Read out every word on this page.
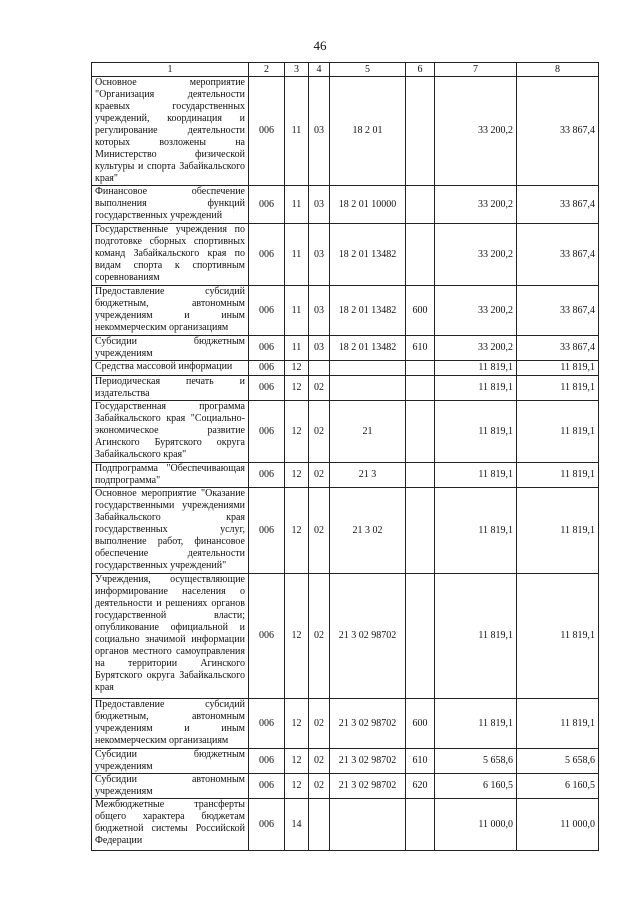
46
1	2	3	4	5	6	7	8
Основное мероприятие "Организация деятельности краевых государственных учреждений, координация и регулирование деятельности которых возложены на Министерство физической культуры и спорта Забайкальского края"	006	11	03	18 2 01		33 200,2	33 867,4
Финансовое обеспечение выполнения функций государственных учреждений	006	11	03	18 2 01 10000		33 200,2	33 867,4
Государственные учреждения по подготовке сборных спортивных команд Забайкальского края по видам спорта к спортивным соревнованиям	006	11	03	18 2 01 13482		33 200,2	33 867,4
Предоставление субсидий бюджетным, автономным учреждениям и иным некоммерческим организациям	006	11	03	18 2 01 13482	600	33 200,2	33 867,4
Субсидии бюджетным учреждениям	006	11	03	18 2 01 13482	610	33 200,2	33 867,4
Средства массовой информации	006	12				11 819,1	11 819,1
Периодическая печать и издательства	006	12	02			11 819,1	11 819,1
Государственная программа Забайкальского края "Социально-экономическое развитие Агинского Бурятского округа Забайкальского края"	006	12	02	21		11 819,1	11 819,1
Подпрограмма "Обеспечивающая подпрограмма"	006	12	02	21 3		11 819,1	11 819,1
Основное мероприятие "Оказание государственными учреждениями Забайкальского края государственных услуг, выполнение работ, финансовое обеспечение деятельности государственных учреждений"	006	12	02	21 3 02		11 819,1	11 819,1
Учреждения, осуществляющие информирование населения о деятельности и решениях органов государственной власти; опубликование официальной и социально значимой информации органов местного самоуправления на территории Агинского Бурятского округа Забайкальского края	006	12	02	21 3 02 98702		11 819,1	11 819,1
Предоставление субсидий бюджетным, автономным учреждениям и иным некоммерческим организациям	006	12	02	21 3 02 98702	600	11 819,1	11 819,1
Субсидии бюджетным учреждениям	006	12	02	21 3 02 98702	610	5 658,6	5 658,6
Субсидии автономным учреждениям	006	12	02	21 3 02 98702	620	6 160,5	6 160,5
Межбюджетные трансферты общего характера бюджетам бюджетной системы Российской Федерации	006	14				11 000,0	11 000,0
